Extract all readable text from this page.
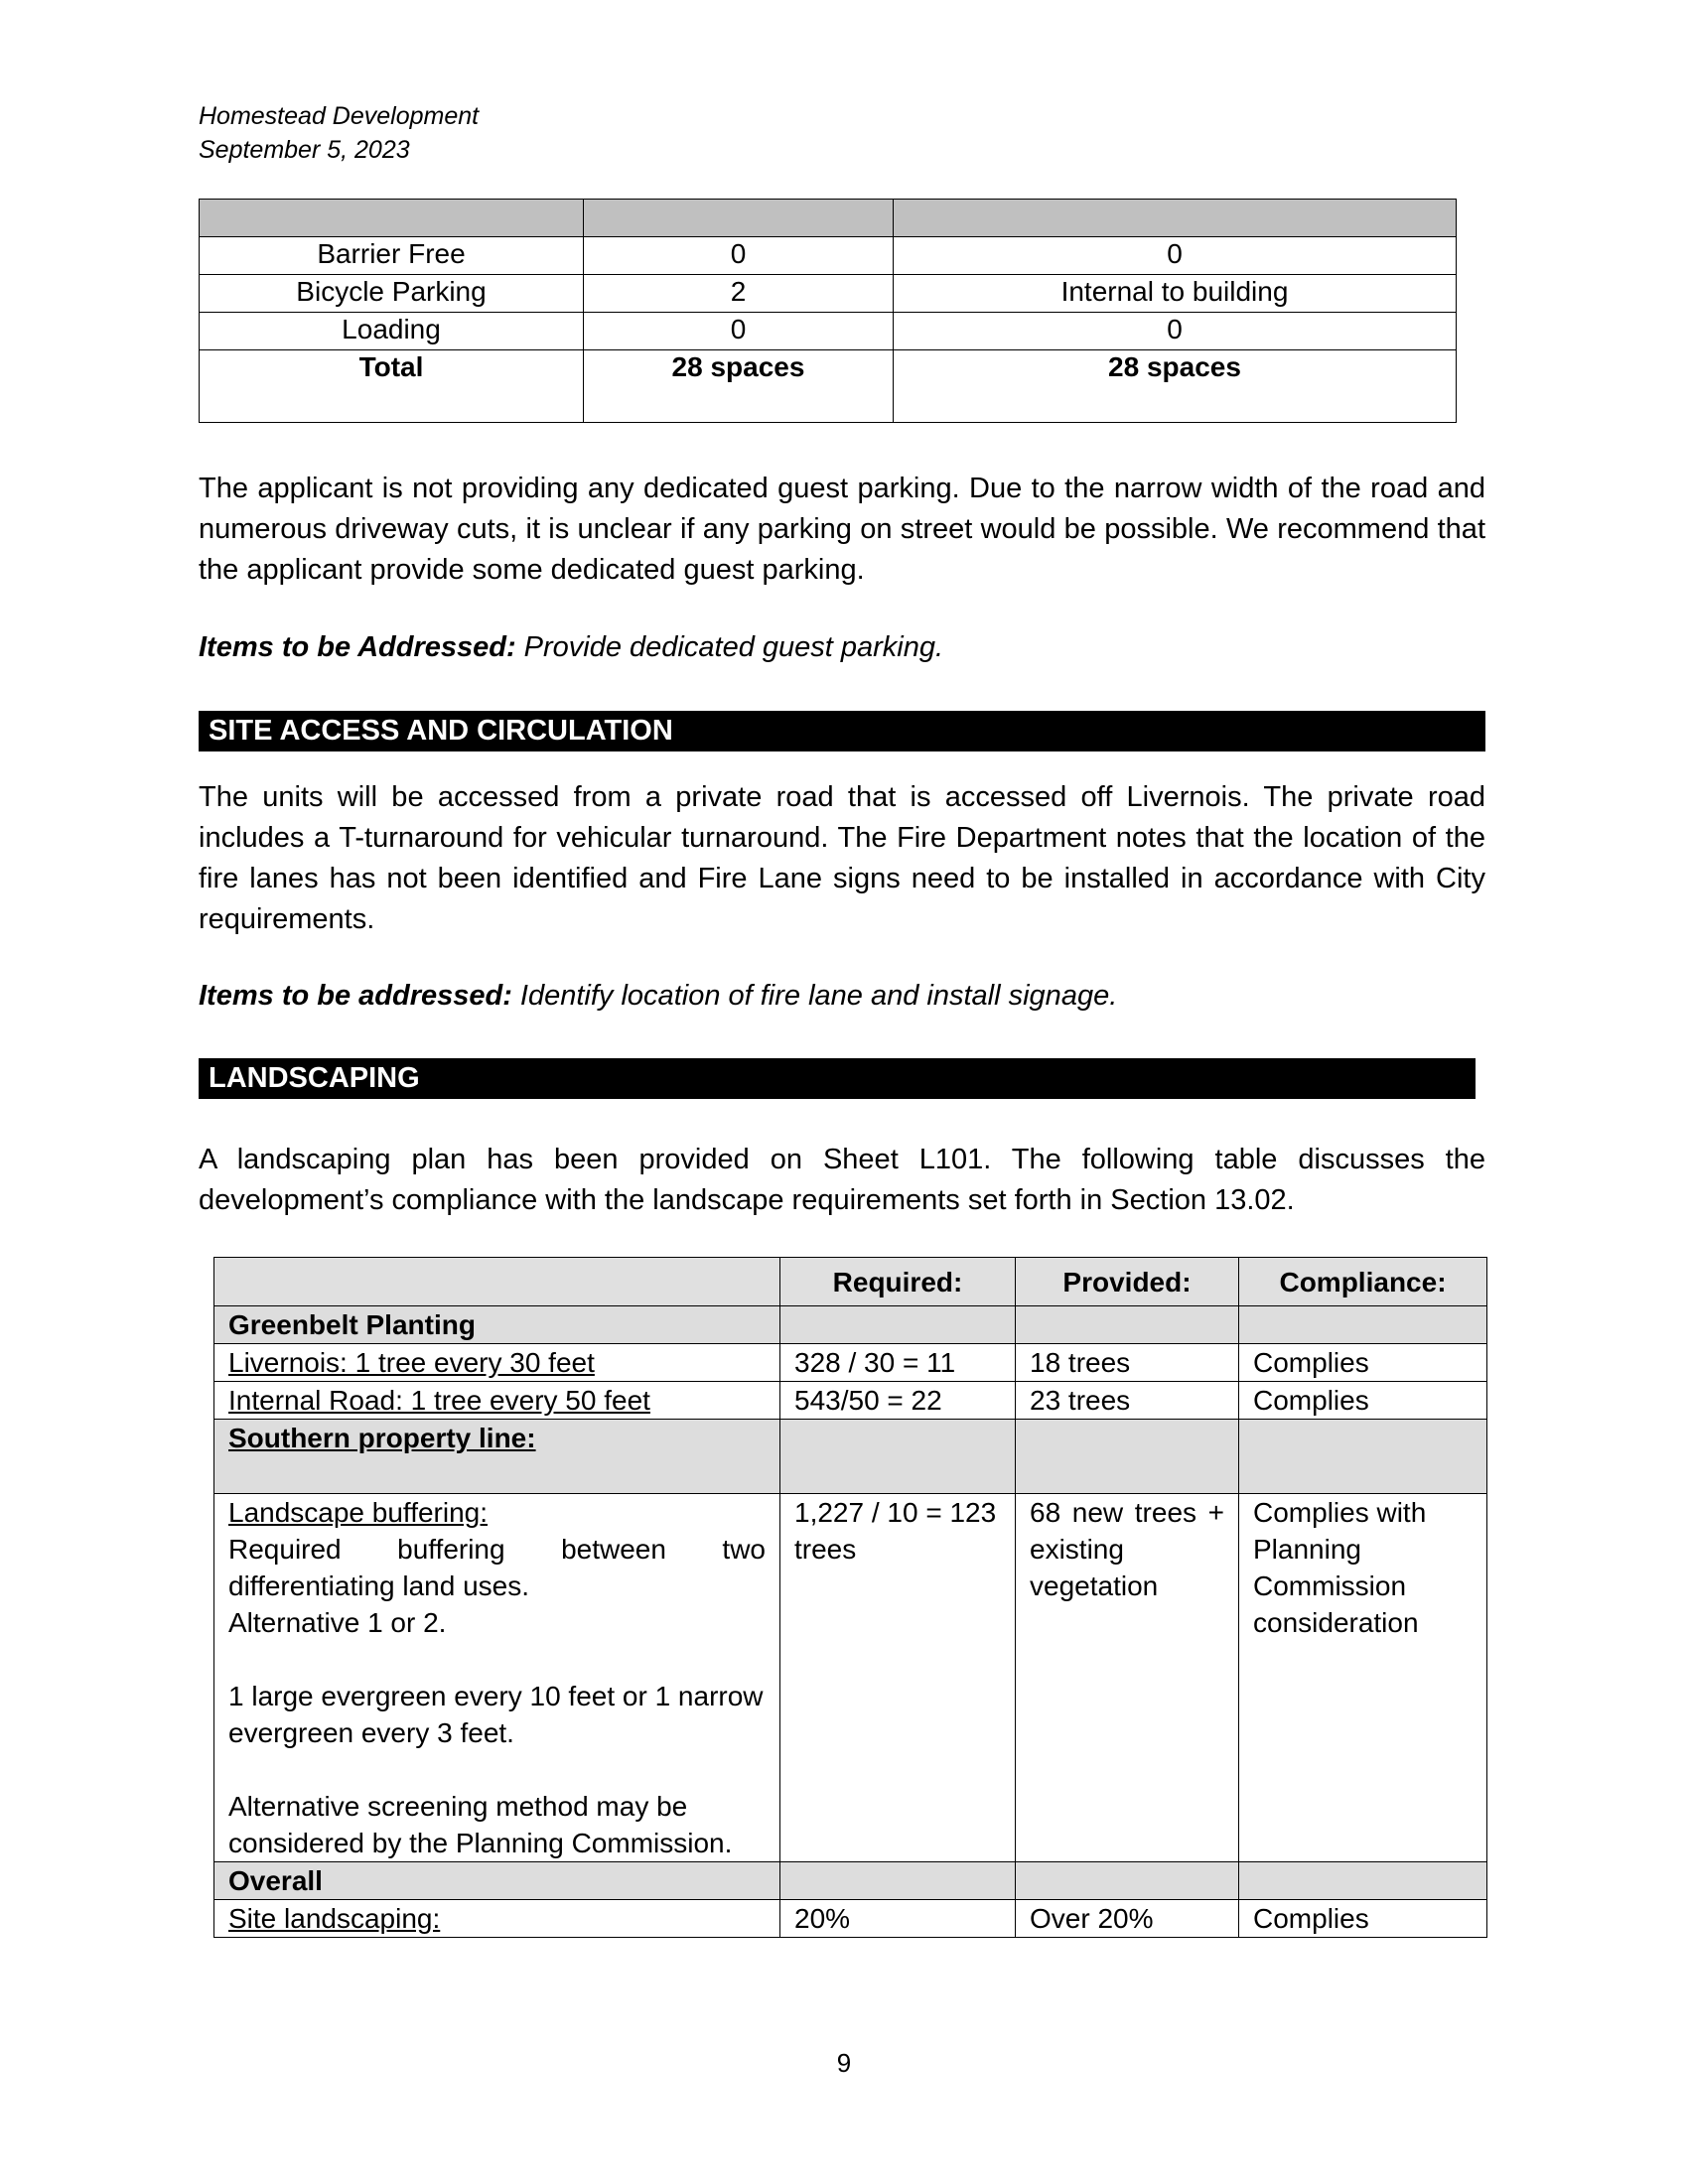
Homestead Development
September 5, 2023

Barrier Free	0	0
Bicycle Parking	2	Internal to building
Loading	0	0
Total	28 spaces	28 spaces

The applicant is not providing any dedicated guest parking. Due to the narrow width of the road and numerous driveway cuts, it is unclear if any parking on street would be possible. We recommend that the applicant provide some dedicated guest parking.

Items to be Addressed: Provide dedicated guest parking.

SITE ACCESS AND CIRCULATION

The units will be accessed from a private road that is accessed off Livernois. The private road includes a T-turnaround for vehicular turnaround. The Fire Department notes that the location of the fire lanes has not been identified and Fire Lane signs need to be installed in accordance with City requirements.

Items to be addressed: Identify location of fire lane and install signage.

LANDSCAPING

A landscaping plan has been provided on Sheet L101. The following table discusses the development’s compliance with the landscape requirements set forth in Section 13.02.

	Required:	Provided:	Compliance:
Greenbelt Planting			
Livernois: 1 tree every 30 feet	328 / 30 = 11	18 trees	Complies
Internal Road: 1 tree every 50 feet	543/50 = 22	23 trees	Complies
Southern property line:			

Landscape buffering:
Required buffering between two differentiating land uses.
Alternative 1 or 2.
1 large evergreen every 10 feet or 1 narrow evergreen every 3 feet.
Alternative screening method may be considered by the Planning Commission.	1,227 / 10 = 123 trees	68 new trees + existing vegetation	Complies with Planning Commission consideration
Overall			
Site landscaping:	20%	Over 20%	Complies
9
